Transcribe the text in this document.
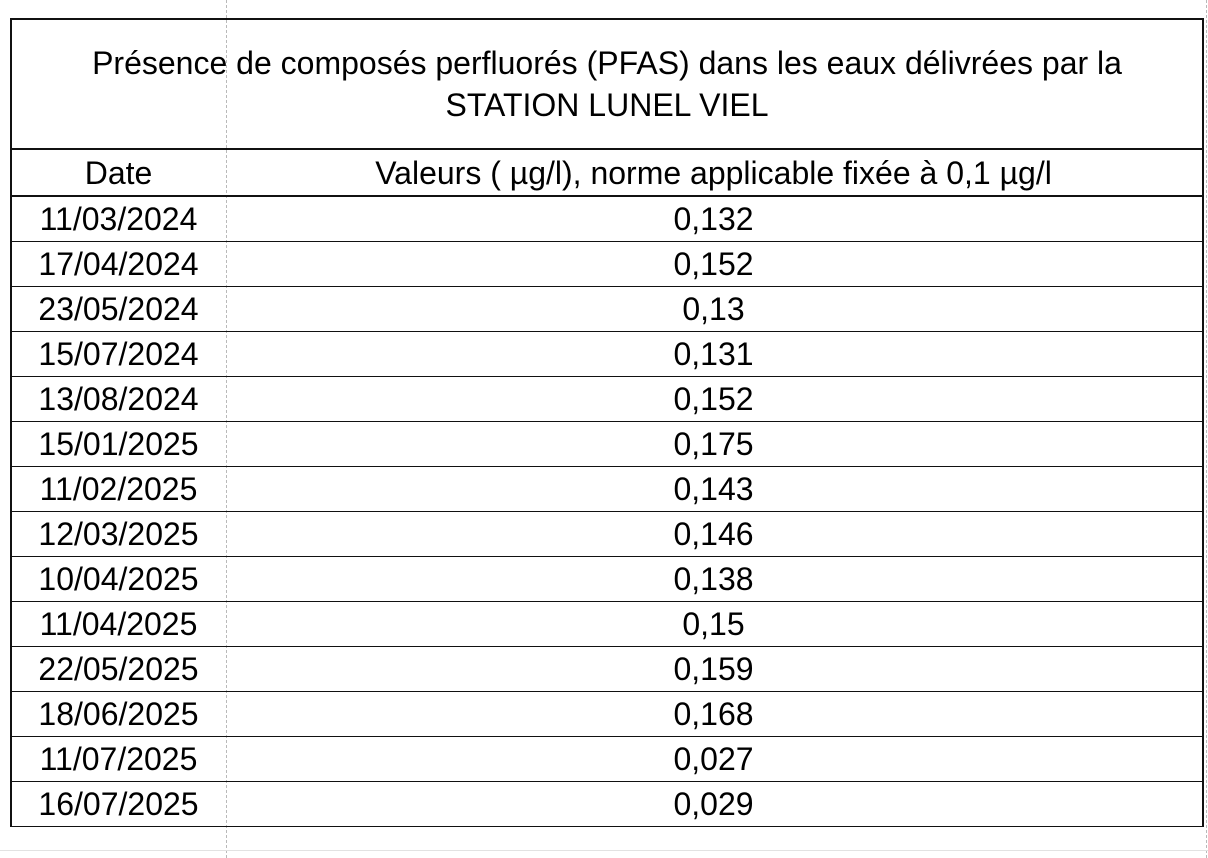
Présence de composés perfluorés (PFAS) dans les eaux délivrées par la
STATION LUNEL VIEL	

Date	Valeurs ( µg/l), norme applicable fixée à 0,1 µg/l
11/03/2024	0,132
17/04/2024	0,152
23/05/2024	0,13
15/07/2024	0,131
13/08/2024	0,152
15/01/2025	0,175
11/02/2025	0,143
12/03/2025	0,146
10/04/2025	0,138
11/04/2025	0,15
22/05/2025	0,159
18/06/2025	0,168
11/07/2025	0,027
16/07/2025	0,029
